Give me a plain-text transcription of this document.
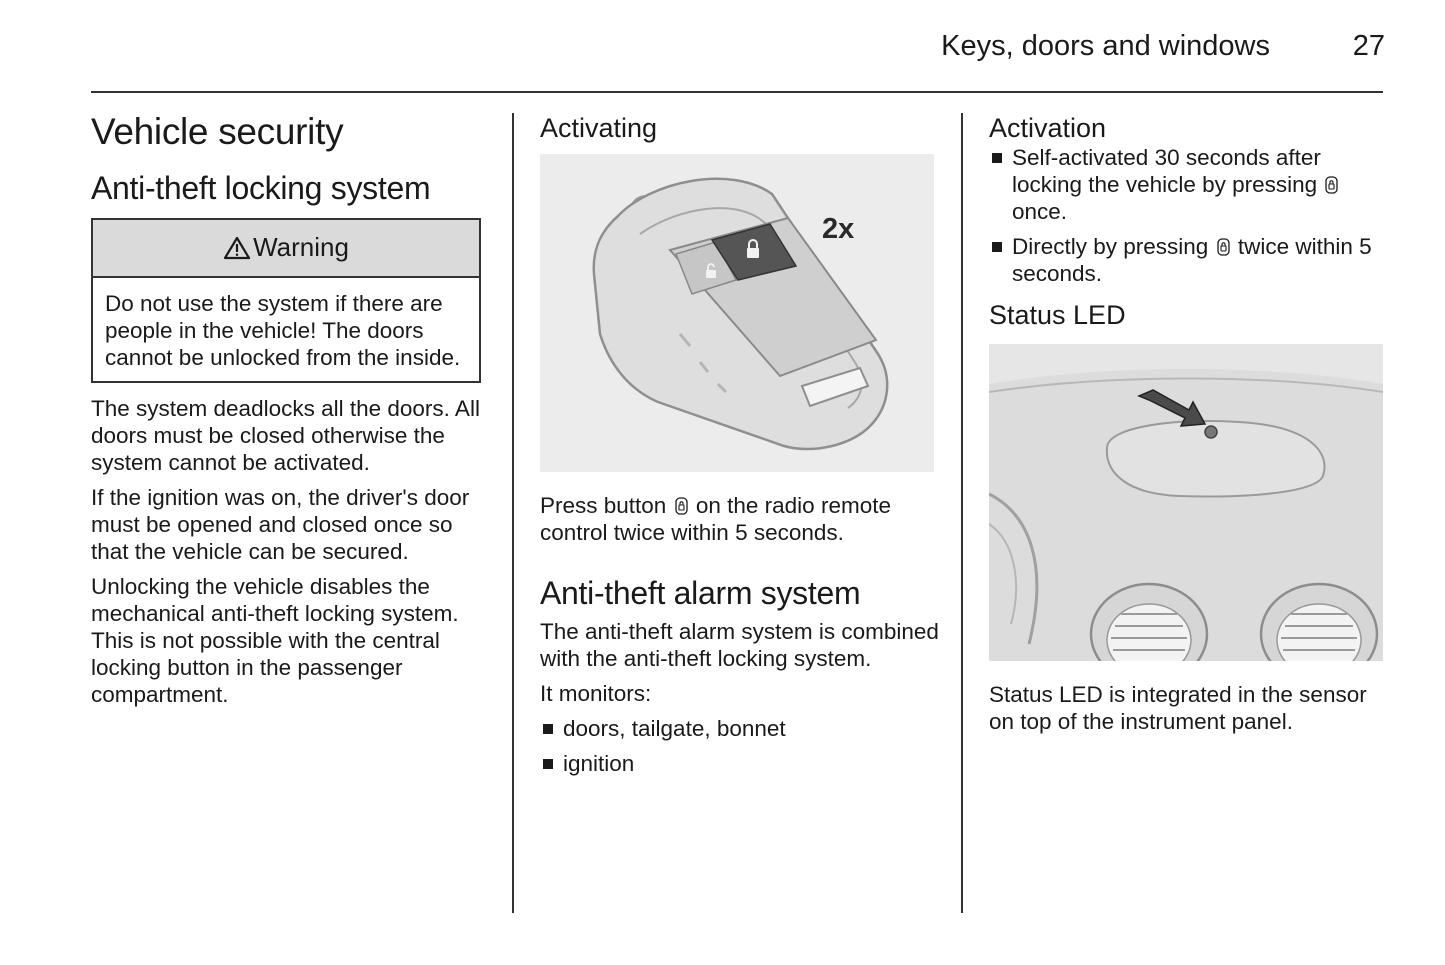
Keys, doors and windows	27
Vehicle security
Anti-theft locking system
Warning
Do not use the system if there are people in the vehicle! The doors cannot be unlocked from the inside.

The system deadlocks all the doors. All doors must be closed otherwise the system cannot be activated.

If the ignition was on, the driver's door must be opened and closed once so that the vehicle can be secured.

Unlocking the vehicle disables the mechanical anti-theft locking system. This is not possible with the central locking button in the passenger compartment.

Activating
2x

Press button on the radio remote control twice within 5 seconds.

Anti-theft alarm system

The anti-theft alarm system is combined with the anti-theft locking system.

It monitors:

doors, tailgate, bonnet
ignition
Activation
Self-activated 30 seconds after locking the vehicle by pressing  once.
Directly by pressing twice within 5 seconds.
Status LED

Status LED is integrated in the sensor on top of the instrument panel.
